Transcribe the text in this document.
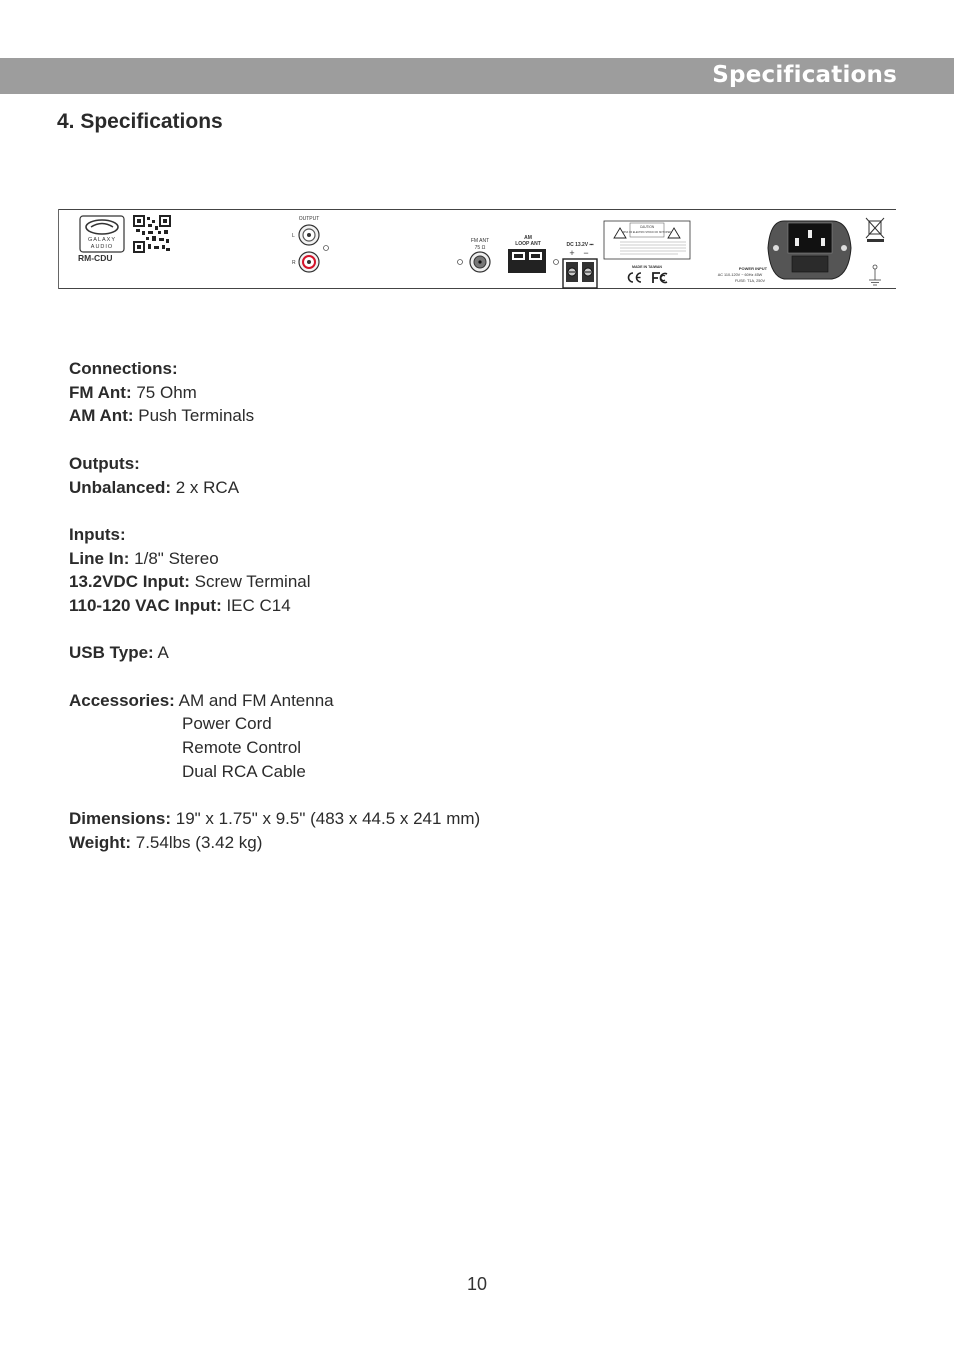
Specifications
4. Specifications
GALAXY
AUDIO
RM-CDU
OUTPUT
L
R
FM ANT
75 Ω
AM
LOOP ANT	DC 13.2V ⎓
+ −
CAUTION
RISK OF ELECTRIC SHOCK DO NOT OPEN
MADE IN TAIWAN	POWER INPUT
AC 110-120V ~ 60Hz 45W
FUSE: T1A, 250V
Connections:
FM Ant: 75 Ohm
AM Ant: Push Terminals
Outputs:
Unbalanced: 2 x RCA
Inputs:
Line In: 1/8" Stereo
13.2VDC Input: Screw Terminal
110-120 VAC Input: IEC C14
USB Type: A
Accessories: AM and FM Antenna
Power Cord
Remote Control
Dual RCA Cable
Dimensions: 19" x 1.75" x 9.5" (483 x 44.5 x 241 mm)
Weight: 7.54lbs (3.42 kg)
10
